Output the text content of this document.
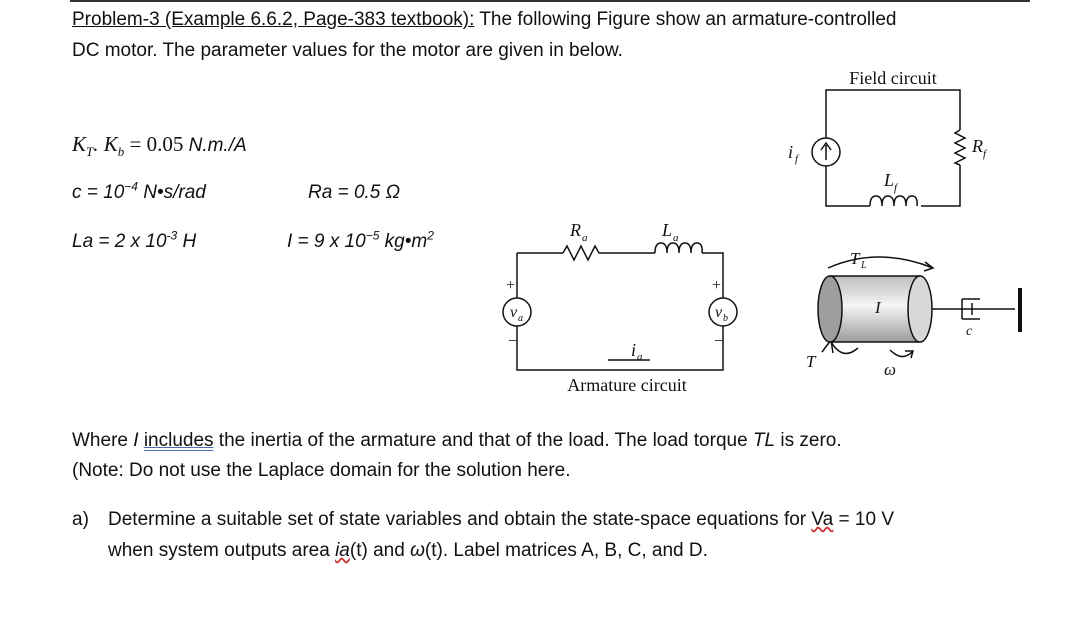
Problem-3 (Example 6.6.2, Page-383 textbook): The following Figure show an armature-controlled
DC motor. The parameter values for the motor are given in below.
$K_T$. $K_b = 0.05$ N.m./A
$c = 10^{-4}$ N•s/rad	Ra = 0.5 Ω
La = 2 x $10^{-3}$ H	I = 9 x $10^{-5}$ $kg•m^2$
Field circuit
Armature circuit
i f
R f
L f
R a	L a
v a	v b
+
−
+
−
i a
T L
T
I
ω
c
Where I includes the inertia of the armature and that of the load. The load torque TL is zero.
(Note: Do not use the Laplace domain for the solution here.
a) Determine a suitable set of state variables and obtain the state-space equations for Va = 10 V
when system outputs area ia(t) and ω(t). Label matrices A, B, C, and D.
